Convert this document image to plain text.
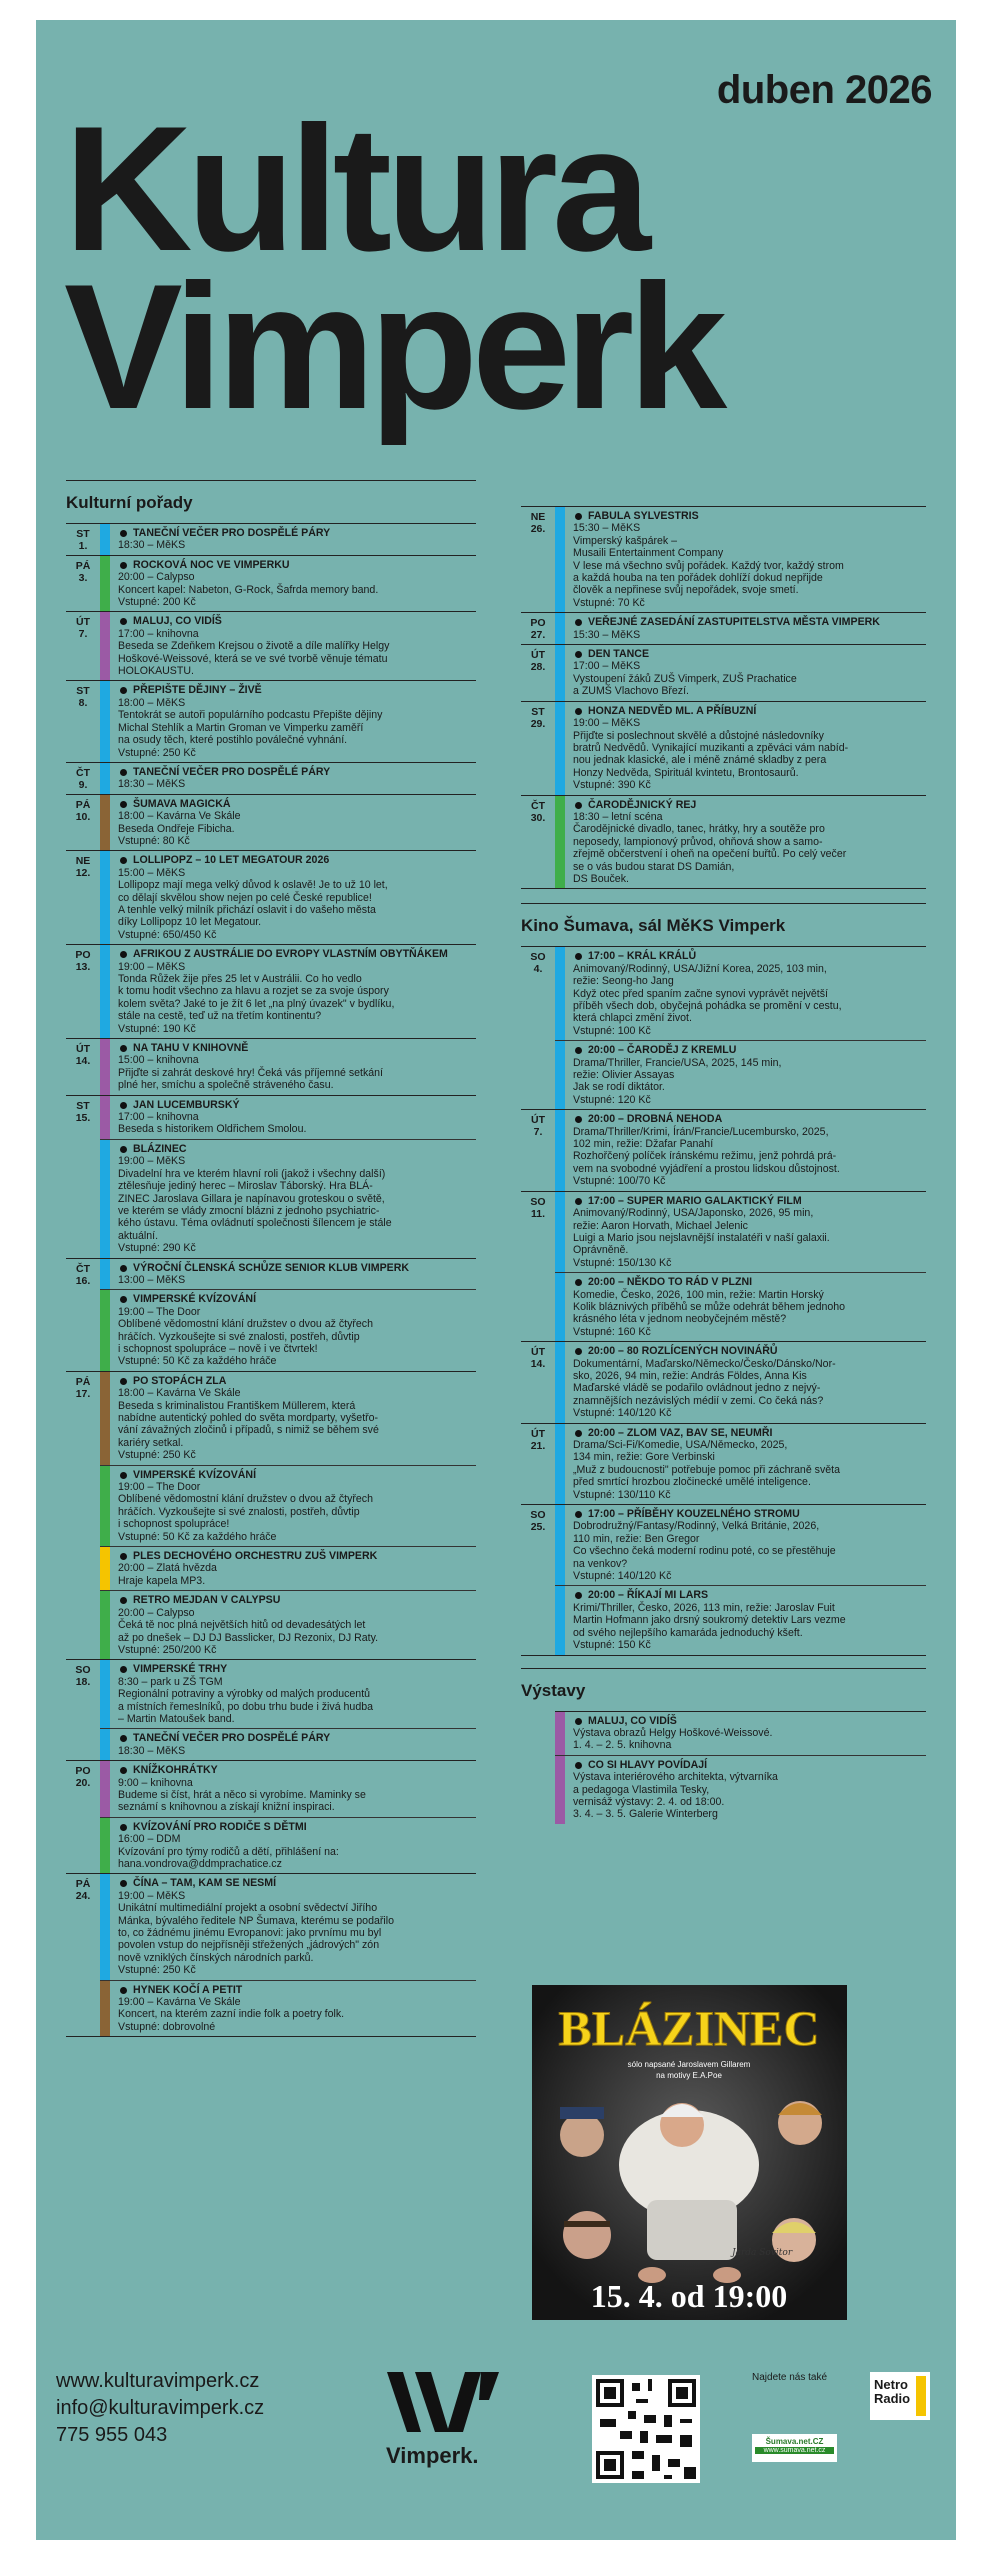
duben 2026
Kultura
Vimperk
Kulturní pořady
ST
1.
TANEČNÍ VEČER PRO DOSPĚLÉ PÁRY
18:30 – MěKS
PÁ
3.
ROCKOVÁ NOC VE VIMPERKU
20:00 – Calypso
Koncert kapel: Nabeton, G-Rock, Šafrda memory band.
Vstupné: 200 Kč
ÚT
7.
MALUJ, CO VIDÍŠ
17:00 – knihovna
Beseda se Zdeňkem Krejsou o životě a díle malířky Helgy
Hoškové-Weissové, která se ve své tvorbě věnuje tématu
HOLOKAUSTU.
ST
8.
PŘEPIŠTE DĚJINY – ŽIVĚ
18:00 – MěKS
Tentokrát se autoři populárního podcastu Přepište dějiny
Michal Stehlík a Martin Groman ve Vimperku zaměří
na osudy těch, které postihlo poválečné vyhnání.
Vstupné: 250 Kč
ČT
9.
TANEČNÍ VEČER PRO DOSPĚLÉ PÁRY
18:30 – MěKS
PÁ
10.
ŠUMAVA MAGICKÁ
18:00 – Kavárna Ve Skále
Beseda Ondřeje Fibicha.
Vstupné: 80 Kč
NE
12.
LOLLIPOPZ – 10 LET MEGATOUR 2026
15:00 – MěKS
Lollipopz mají mega velký důvod k oslavě! Je to už 10 let,
co dělají skvělou show nejen po celé České republice!
A tenhle velký milník přichází oslavit i do vašeho města
díky Lollipopz 10 let Megatour.
Vstupné: 650/450 Kč
PO
13.
AFRIKOU Z AUSTRÁLIE DO EVROPY VLASTNÍM OBYTŇÁKEM
19:00 – MěKS
Tonda Růžek žije přes 25 let v Austrálii. Co ho vedlo
k tomu hodit všechno za hlavu a rozjet se za svoje úspory
kolem světa? Jaké to je žít 6 let „na plný úvazek" v bydlíku,
stále na cestě, teď už na třetím kontinentu?
Vstupné: 190 Kč
ÚT
14.
NA TAHU V KNIHOVNĚ
15:00 – knihovna
Přijďte si zahrát deskové hry! Čeká vás příjemné setkání
plné her, smíchu a společně stráveného času.
ST
15.
JAN LUCEMBURSKÝ
17:00 – knihovna
Beseda s historikem Oldřichem Smolou.
BLÁZINEC
19:00 – MěKS
Divadelní hra ve kterém hlavní roli (jakož i všechny další)
ztělesňuje jediný herec – Miroslav Táborský. Hra BLÁ-
ZINEC Jaroslava Gillara je napínavou groteskou o světě,
ve kterém se vlády zmocní blázni z jednoho psychiatric-
kého ústavu. Téma ovládnutí společnosti šílencem je stále
aktuální.
Vstupné: 290 Kč
ČT
16.
VÝROČNÍ ČLENSKÁ SCHŮZE SENIOR KLUB VIMPERK
13:00 – MěKS
VIMPERSKÉ KVÍZOVÁNÍ
19:00 – The Door
Oblíbené vědomostní klání družstev o dvou až čtyřech
hráčích. Vyzkoušejte si své znalosti, postřeh, důvtip
i schopnost spolupráce – nově i ve čtvrtek!
Vstupné: 50 Kč za každého hráče
PÁ
17.
PO STOPÁCH ZLA
18:00 – Kavárna Ve Skále
Beseda s kriminalistou Františkem Müllerem, která
nabídne autentický pohled do světa mordparty, vyšetřo-
vání závažných zločinů i případů, s nimiž se během své
kariéry setkal.
Vstupné: 250 Kč
VIMPERSKÉ KVÍZOVÁNÍ
19:00 – The Door
Oblíbené vědomostní klání družstev o dvou až čtyřech
hráčích. Vyzkoušejte si své znalosti, postřeh, důvtip
i schopnost spolupráce!
Vstupné: 50 Kč za každého hráče
PLES DECHOVÉHO ORCHESTRU ZUŠ VIMPERK
20:00 – Zlatá hvězda
Hraje kapela MP3.
RETRO MEJDAN V CALYPSU
20:00 – Calypso
Čeká tě noc plná největších hitů od devadesátých let
až po dnešek – DJ DJ Basslicker, DJ Rezonix, DJ Raty.
Vstupné: 250/200 Kč
SO
18.
VIMPERSKÉ TRHY
8:30 – park u ZŠ TGM
Regionální potraviny a výrobky od malých producentů
a místních řemeslníků, po dobu trhu bude i živá hudba
– Martin Matoušek band.
TANEČNÍ VEČER PRO DOSPĚLÉ PÁRY
18:30 – MěKS
PO
20.
KNÍŽKOHRÁTKY
9:00 – knihovna
Budeme si číst, hrát a něco si vyrobíme. Maminky se
seznámí s knihovnou a získají knižní inspiraci.
KVÍZOVÁNÍ PRO RODIČE S DĚTMI
16:00 – DDM
Kvízování pro týmy rodičů a dětí, přihlášení na:
hana.vondrova@ddmprachatice.cz
PÁ
24.
ČÍNA – TAM, KAM SE NESMÍ
19:00 – MěKS
Unikátní multimediální projekt a osobní svědectví Jiřího
Mánka, bývalého ředitele NP Šumava, kterému se podařilo
to, co žádnému jinému Evropanovi: jako prvnímu mu byl
povolen vstup do nejpřísněji střežených „jádrových" zón
nově vzniklých čínských národních parků.
Vstupné: 250 Kč
HYNEK KOČÍ A PETIT
19:00 – Kavárna Ve Skále
Koncert, na kterém zazní indie folk a poetry folk.
Vstupné: dobrovolné
NE
26.
FABULA SYLVESTRIS
15:30 – MěKS
Vimperský kašpárek –
Musaili Entertainment Company
V lese má všechno svůj pořádek. Každý tvor, každý strom
a každá houba na ten pořádek dohlíží dokud nepřijde
člověk a nepřinese svůj nepořádek, svoje smetí.
Vstupné: 70 Kč
PO
27.
VEŘEJNÉ ZASEDÁNÍ ZASTUPITELSTVA MĚSTA VIMPERK
15:30 – MěKS
ÚT
28.
DEN TANCE
17:00 – MěKS
Vystoupení žáků ZUŠ Vimperk, ZUŠ Prachatice
a ZUMŠ Vlachovo Březí.
ST
29.
HONZA NEDVĚD ML. A PŘÍBUZNÍ
19:00 – MěKS
Přijďte si poslechnout skvělé a důstojné následovníky
bratrů Nedvědů. Vynikající muzikanti a zpěváci vám nabíd-
nou jednak klasické, ale i méně známé skladby z pera
Honzy Nedvěda, Spirituál kvintetu, Brontosaurů.
Vstupné: 390 Kč
ČT
30.
ČARODĚJNICKÝ REJ
18:30 – letní scéna
Čarodějnické divadlo, tanec, hrátky, hry a soutěže pro
neposedy, lampionový průvod, ohňová show a samo-
zřejmě občerstvení i oheň na opečení buřtů. Po celý večer
se o vás budou starat DS Damián,
DS Bouček.
Kino Šumava, sál MěKS Vimperk
SO
4.
17:00 – KRÁL KRÁLŮ
Animovaný/Rodinný, USA/Jižní Korea, 2025, 103 min,
režie: Seong-ho Jang
Když otec před spaním začne synovi vyprávět největší
příběh všech dob, obyčejná pohádka se promění v cestu,
která chlapci změní život.
Vstupné: 100 Kč
20:00 – ČARODĚJ Z KREMLU
Drama/Thriller, Francie/USA, 2025, 145 min,
režie: Olivier Assayas
Jak se rodí diktátor.
Vstupné: 120 Kč
ÚT
7.
20:00 – DROBNÁ NEHODA
Drama/Thriller/Krimi, Írán/Francie/Lucembursko, 2025,
102 min, režie: Džafar Panahí
Rozhořčený políček íránskému režimu, jenž pohrdá prá-
vem na svobodné vyjádření a prostou lidskou důstojnost.
Vstupné: 100/70 Kč
SO
11.
17:00 – SUPER MARIO GALAKTICKÝ FILM
Animovaný/Rodinný, USA/Japonsko, 2026, 95 min,
režie: Aaron Horvath, Michael Jelenic
Luigi a Mario jsou nejslavnější instalatéři v naší galaxii.
Oprávněně.
Vstupné: 150/130 Kč
20:00 – NĚKDO TO RÁD V PLZNI
Komedie, Česko, 2026, 100 min, režie: Martin Horský
Kolik bláznivých příběhů se může odehrát během jednoho
krásného léta v jednom neobyčejném městě?
Vstupné: 160 Kč
ÚT
14.
20:00 – 80 ROZLÍCENÝCH NOVINÁŘŮ
Dokumentární, Maďarsko/Německo/Česko/Dánsko/Nor-
sko, 2026, 94 min, režie: András Földes, Anna Kis
Maďarské vládě se podařilo ovládnout jedno z nejvý-
znamnějších nezávislých médií v zemi. Co čeká nás?
Vstupné: 140/120 Kč
ÚT
21.
20:00 – ZLOM VAZ, BAV SE, NEUMŘI
Drama/Sci-Fi/Komedie, USA/Německo, 2025,
134 min, režie: Gore Verbinski
„Muž z budoucnosti" potřebuje pomoc při záchraně světa
před smrtící hrozbou zločinecké umělé inteligence.
Vstupné: 130/110 Kč
SO
25.
17:00 – PŘÍBĚHY KOUZELNÉHO STROMU
Dobrodružný/Fantasy/Rodinný, Velká Británie, 2026,
110 min, režie: Ben Gregor
Co všechno čeká moderní rodinu poté, co se přestěhuje
na venkov?
Vstupné: 140/120 Kč
20:00 – ŘÍKAJÍ MI LARS
Krimi/Thriller, Česko, 2026, 113 min, režie: Jaroslav Fuit
Martin Hofmann jako drsný soukromý detektiv Lars vezme
od svého nejlepšího kamaráda jednoduchý kšeft.
Vstupné: 150 Kč
Výstavy
MALUJ, CO VIDÍŠ
Výstava obrazů Helgy Hoškové-Weissové.
1. 4. – 2. 5. knihovna
CO SI HLAVY POVÍDAJÍ
Výstava interiérového architekta, výtvarníka
a pedagoga Vlastimila Tesky,
vernisáž výstavy: 2. 4. od 18:00.
3. 4. – 3. 5. Galerie Winterberg
BLÁZINEC
sólo napsané Jaroslavem Gillarem
na motivy E.A.Poe
Jarda Sovitor
15. 4. od 19:00
www.kulturavimperk.cz
info@kulturavimperk.cz
775 955 043
Vimperk.
Najdete nás také
Šumava.net.CZ
www.sumava.net.cz
Netro
Radio
